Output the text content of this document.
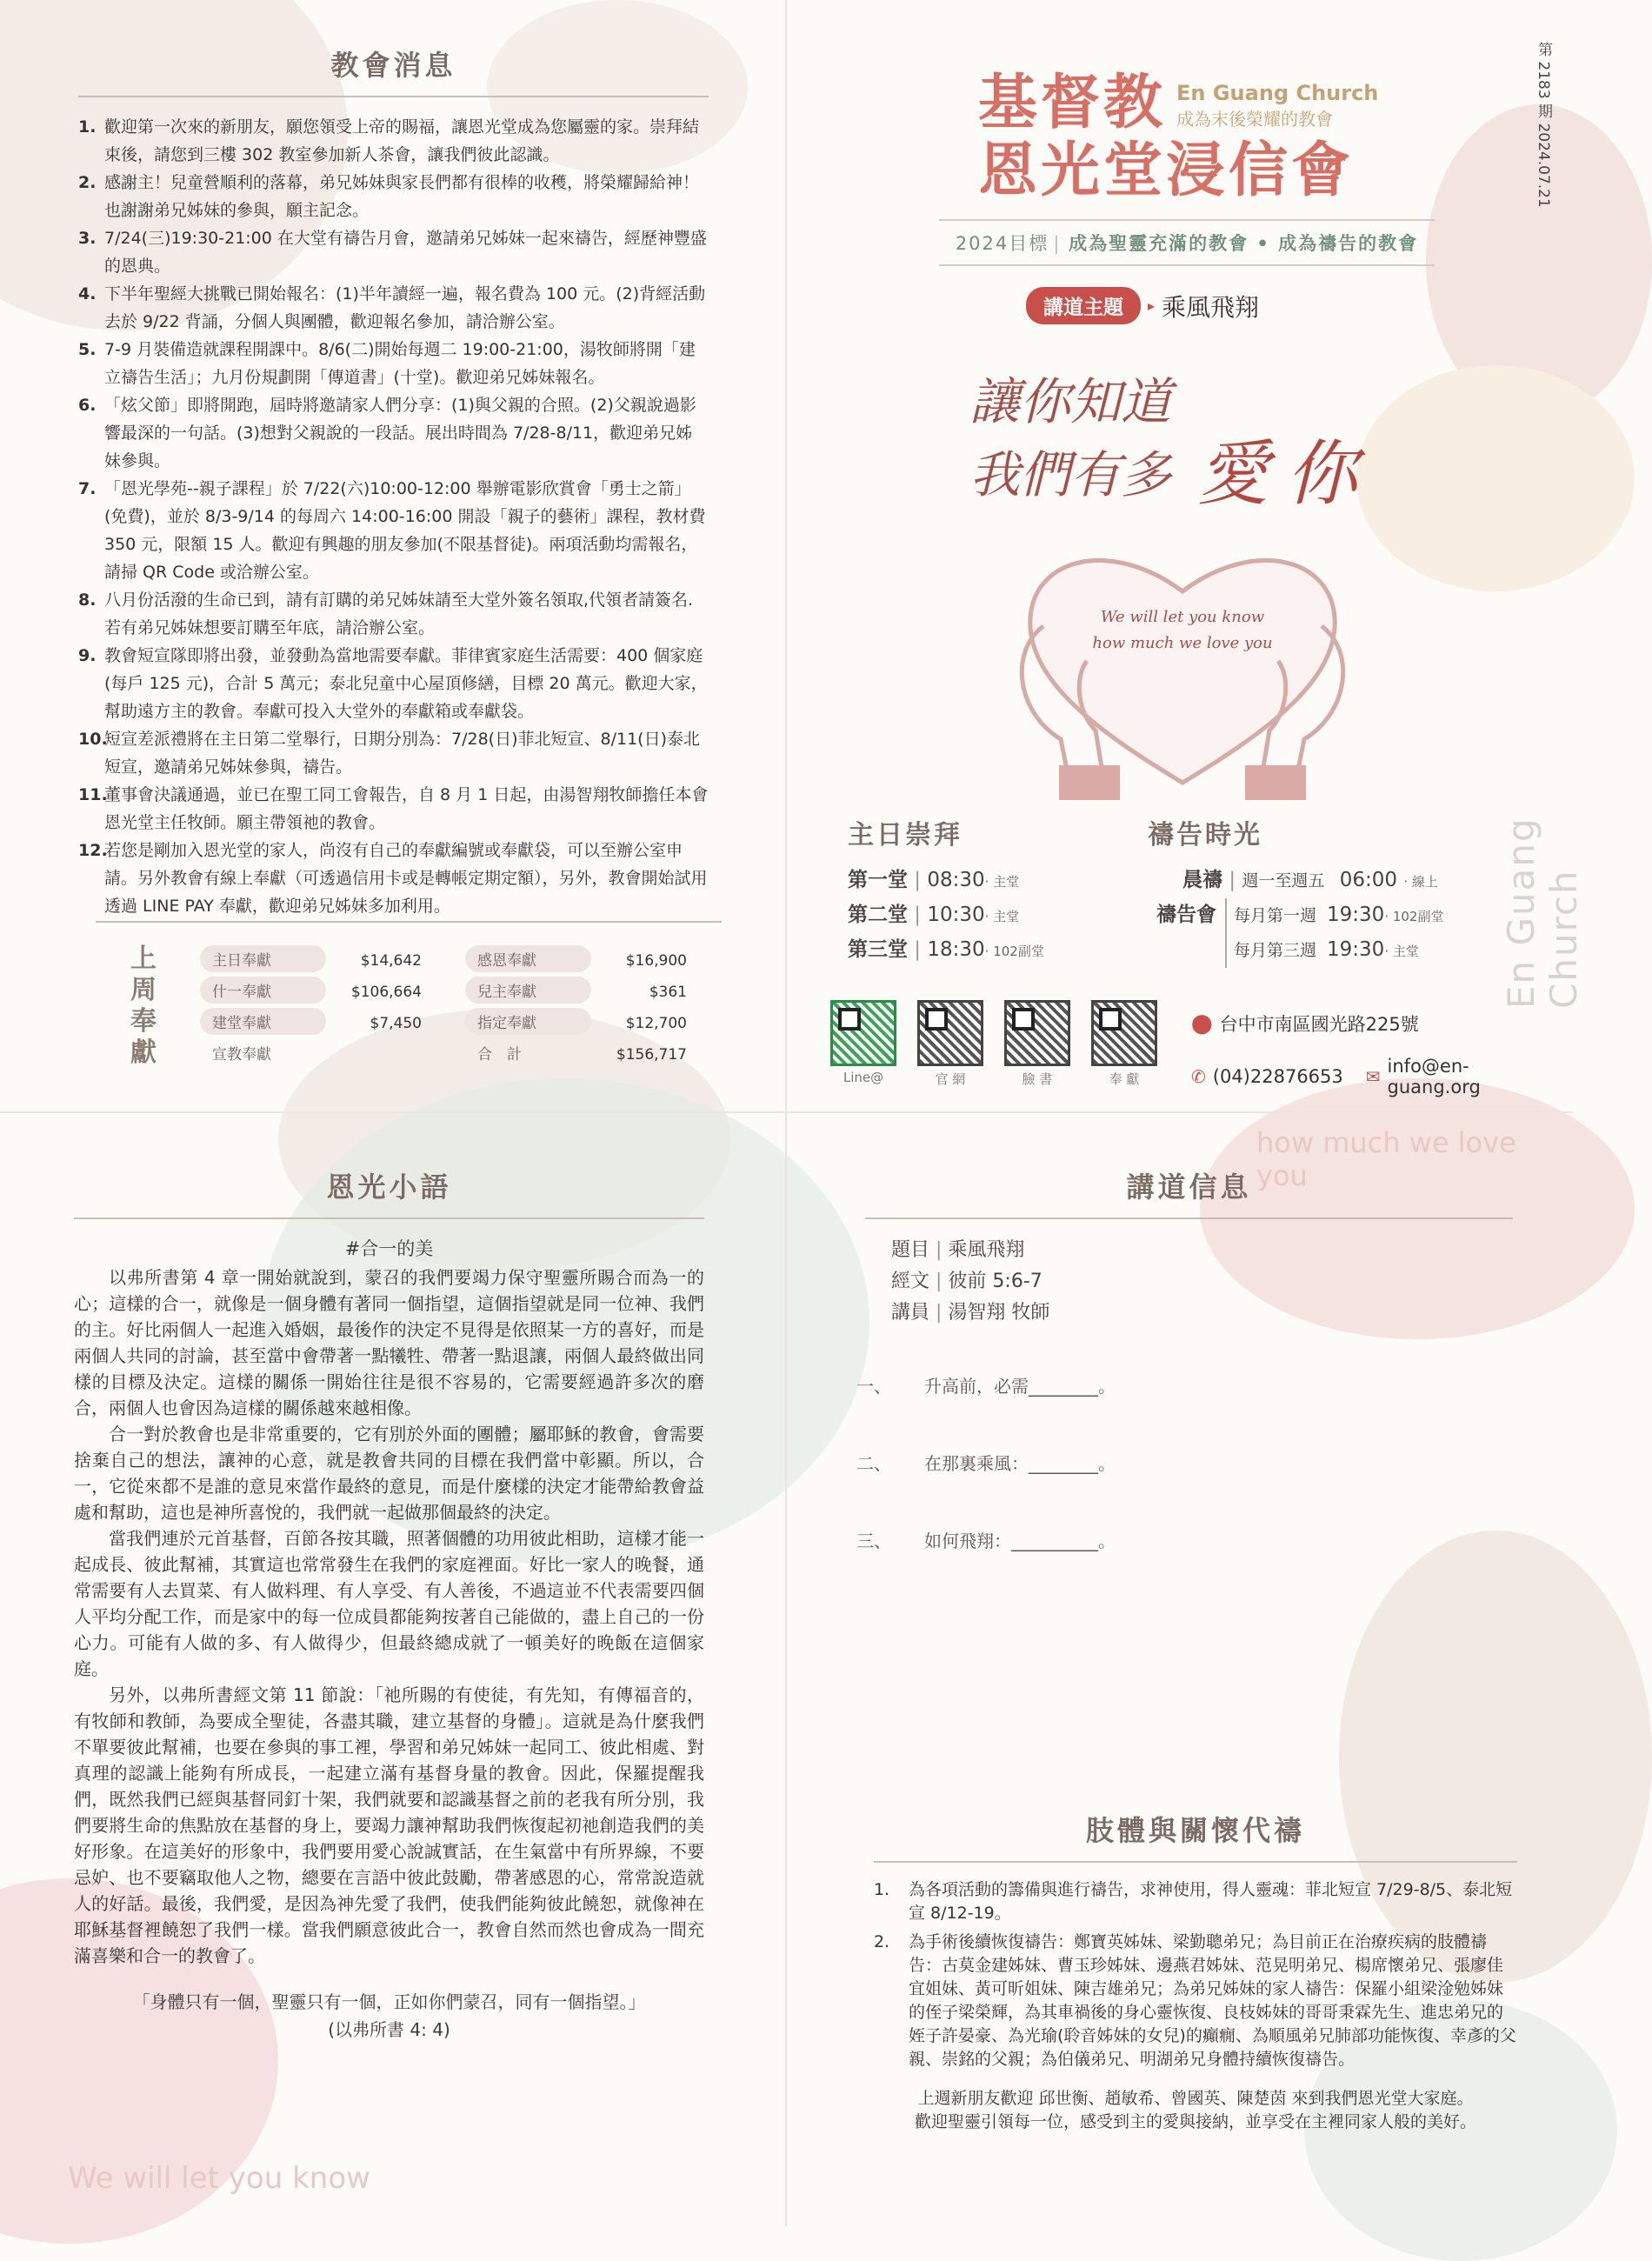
教會消息
1. 歡迎第一次來的新朋友，願您領受上帝的賜福，讓恩光堂成為您屬靈的家。崇拜結束後，請您到三樓 302 教室參加新人茶會，讓我們彼此認識。
2. 感謝主！兒童營順利的落幕，弟兄姊妹與家長們都有很棒的收穫，將榮耀歸給神！也謝謝弟兄姊妹的參與，願主記念。
3. 7/24(三)19:30-21:00 在大堂有禱告月會，邀請弟兄姊妹一起來禱告，經歷神豐盛的恩典。
4. 下半年聖經大挑戰已開始報名：(1)半年讀經一遍，報名費為 100 元。(2)背經活動去於 9/22 背誦，分個人與團體，歡迎報名參加，請洽辦公室。
5. 7-9 月裝備造就課程開課中。8/6(二)開始每週二 19:00-21:00，湯牧師將開「建立禱告生活」；九月份規劃開「傳道書」(十堂)。歡迎弟兄姊妹報名。
6. 「炫父節」即將開跑，屆時將邀請家人們分享：(1)與父親的合照。(2)父親說過影響最深的一句話。(3)想對父親說的一段話。展出時間為 7/28-8/11，歡迎弟兄姊妹參與。
7. 「恩光學苑--親子課程」於 7/22(六)10:00-12:00 舉辦電影欣賞會「勇士之箭」(免費)，並於 8/3-9/14 的每周六 14:00-16:00 開設「親子的藝術」課程，教材費 350 元，限額 15 人。歡迎有興趣的朋友參加(不限基督徒)。兩項活動均需報名，請掃 QR Code 或洽辦公室。
8. 八月份活潑的生命已到，請有訂購的弟兄姊妹請至大堂外簽名領取,代領者請簽名.若有弟兄姊妹想要訂購至年底，請洽辦公室。
9. 教會短宣隊即將出發，並發動為當地需要奉獻。菲律賓家庭生活需要：400 個家庭(每戶 125 元)，合計 5 萬元；泰北兒童中心屋頂修繕，目標 20 萬元。歡迎大家，幫助遠方主的教會。奉獻可投入大堂外的奉獻箱或奉獻袋。
10.
短宣差派禮將在主日第二堂舉行，日期分別為：7/28(日)菲北短宣、8/11(日)泰北短宣，邀請弟兄姊妹參與，禱告。
11.
董事會決議通過，並已在聖工同工會報告，自 8 月 1 日起，由湯智翔牧師擔任本會恩光堂主任牧師。願主帶領祂的教會。
12.
若您是剛加入恩光堂的家人，尚沒有自己的奉獻編號或奉獻袋，可以至辦公室申請。另外教會有線上奉獻（可透過信用卡或是轉帳定期定額），另外，教會開始試用透過 LINE PAY 奉獻，歡迎弟兄姊妹多加利用。
上
周
奉
獻
主日奉獻	$14,642	感恩奉獻	$16,900
什一奉獻	$106,664	兒主奉獻	$361
建堂奉獻	$7,450	指定奉獻	$12,700
宣教奉獻	合　計	$156,717
第 2183 期 2024.07.21
基督教 En Guang Church
成為末後榮耀的教會
恩光堂浸信會
2024目標 | 成為聖靈充滿的教會 • 成為禱告的教會
講道主題	▸ 乘風飛翔
讓你知道
我們有多 愛你
We will let you know
how much we love you
En Guang Church
主日崇拜
第一堂 | 08:30‧ 主堂
第二堂 | 10:30‧ 主堂
第三堂 | 18:30‧ 102副堂
禱告時光
晨禱 | 週一至週五 06:00 ‧ 線上
禱告會 每月第一週 19:30‧ 102副堂
每月第三週 19:30‧ 主堂
Line@	官 網	臉 書	奉 獻
⬤ 台中市南區國光路225號
✆ (04)22876653 ✉ info@en-guang.org
恩光小語
#合一的美

以弗所書第 4 章一開始就說到，蒙召的我們要竭力保守聖靈所賜合而為一的心；這樣的合一，就像是一個身體有著同一個指望，這個指望就是同一位神、我們的主。好比兩個人一起進入婚姻，最後作的決定不見得是依照某一方的喜好，而是兩個人共同的討論，甚至當中會帶著一點犧牲、帶著一點退讓，兩個人最終做出同樣的目標及決定。這樣的關係一開始往往是很不容易的，它需要經過許多次的磨合，兩個人也會因為這樣的關係越來越相像。

合一對於教會也是非常重要的，它有別於外面的團體；屬耶穌的教會，會需要捨棄自己的想法，讓神的心意，就是教會共同的目標在我們當中彰顯。所以，合一，它從來都不是誰的意見來當作最終的意見，而是什麼樣的決定才能帶給教會益處和幫助，這也是神所喜悅的，我們就一起做那個最終的決定。

當我們連於元首基督，百節各按其職，照著個體的功用彼此相助，這樣才能一起成長、彼此幫補，其實這也常常發生在我們的家庭裡面。好比一家人的晚餐，通常需要有人去買菜、有人做料理、有人享受、有人善後，不過這並不代表需要四個人平均分配工作，而是家中的每一位成員都能夠按著自己能做的，盡上自己的一份心力。可能有人做的多、有人做得少，但最終總成就了一頓美好的晚飯在這個家庭。

另外，以弗所書經文第 11 節說：「祂所賜的有使徒，有先知，有傳福音的，有牧師和教師，為要成全聖徒，各盡其職，建立基督的身體」。這就是為什麼我們不單要彼此幫補，也要在參與的事工裡，學習和弟兄姊妹一起同工、彼此相處、對真理的認識上能夠有所成長，一起建立滿有基督身量的教會。因此，保羅提醒我們，既然我們已經與基督同釘十架，我們就要和認識基督之前的老我有所分別，我們要將生命的焦點放在基督的身上，要竭力讓神幫助我們恢復起初祂創造我們的美好形象。在這美好的形象中，我們要用愛心說誠實話，在生氣當中有所界線，不要忌妒、也不要竊取他人之物，總要在言語中彼此鼓勵，帶著感恩的心，常常說造就人的好話。最後，我們愛，是因為神先愛了我們，使我們能夠彼此饒恕，就像神在耶穌基督裡饒恕了我們一樣。當我們願意彼此合一，教會自然而然也會成為一間充滿喜樂和合一的教會了。

「身體只有一個，聖靈只有一個，正如你們蒙召，同有一個指望。」
(以弗所書 4: 4)
We will let you know
how much we love you
講道信息
題目 | 乘風飛翔
經文 | 彼前 5:6-7
講員 | 湯智翔 牧師
一、	升高前，必需________。
二、	在那裏乘風：________。
三、	如何飛翔：__________。
肢體與關懷代禱
1.	為各項活動的籌備與進行禱告，求神使用，得人靈魂：菲北短宣 7/29-8/5、泰北短宣 8/12-19。
2.	為手術後續恢復禱告：鄭寶英姊妹、梁勤聰弟兄；為目前正在治療疾病的肢體禱告：古莫金建姊妹、曹玉珍姊妹、邊燕君姊妹、范晃明弟兄、楊席懷弟兄、張廖佳宜姐妹、黃可昕姐妹、陳吉雄弟兄；為弟兄姊妹的家人禱告：保羅小組梁淦勉姊妹的侄子梁榮輝，為其車禍後的身心靈恢復、良枝姊妹的哥哥秉霖先生、進忠弟兄的姪子許晏豪、為光瑜(聆音姊妹的女兒)的癲癇、為順風弟兄肺部功能恢復、幸彥的父親、崇銘的父親；為伯儀弟兄、明湖弟兄身體持續恢復禱告。
上週新朋友歡迎 邱世衡、趙敏希、曾國英、陳楚茵 來到我們恩光堂大家庭。
歡迎聖靈引領每一位，感受到主的愛與接納，並享受在主裡同家人般的美好。
